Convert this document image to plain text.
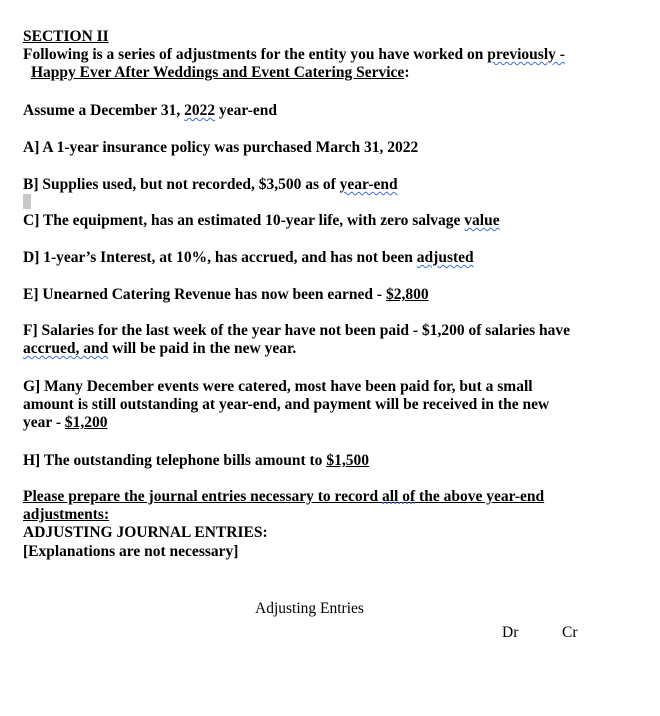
SECTION II

Following is a series of adjustments for the entity you have worked on previously -

Happy Ever After Weddings and Event Catering Service:

Assume a December 31, 2022 year-end

A] A 1-year insurance policy was purchased March 31, 2022

B] Supplies used, but not recorded, $3,500 as of year-end

C] The equipment, has an estimated 10-year life, with zero salvage value

D] 1-year’s Interest, at 10%, has accrued, and has not been adjusted

E] Unearned Catering Revenue has now been earned - $2,800

F] Salaries for the last week of the year have not been paid - $1,200 of salaries have

accrued, and will be paid in the new year.

G] Many December events were catered, most have been paid for, but a small

amount is still outstanding at year-end, and payment will be received in the new

year - $1,200

H] The outstanding telephone bills amount to $1,500

Please prepare the journal entries necessary to record all of the above year-end

adjustments:

ADJUSTING JOURNAL ENTRIES:

[Explanations are not necessary]

Adjusting Entries

Dr	Cr
